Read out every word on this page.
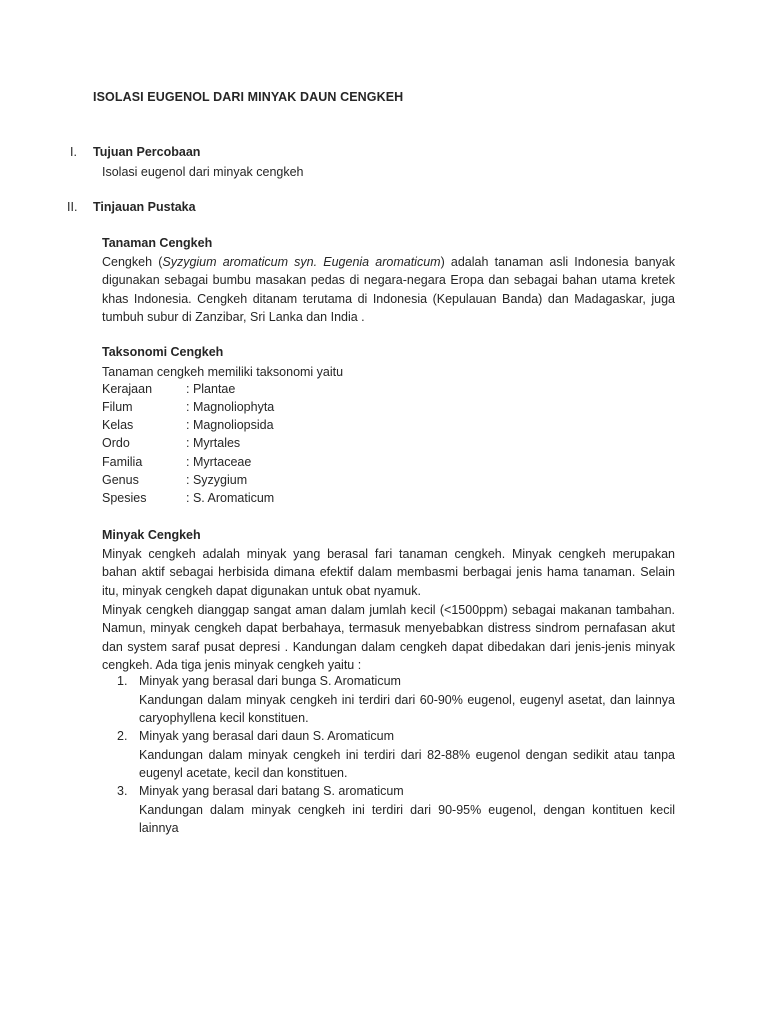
ISOLASI EUGENOL DARI MINYAK DAUN CENGKEH
I. Tujuan Percobaan
Isolasi eugenol dari minyak cengkeh
II. Tinjauan Pustaka
Tanaman Cengkeh

Cengkeh (Syzygium aromaticum syn. Eugenia aromaticum) adalah tanaman asli Indonesia banyak digunakan sebagai bumbu masakan pedas di negara-negara Eropa dan sebagai bahan utama kretek khas Indonesia. Cengkeh ditanam terutama di Indonesia (Kepulauan Banda) dan Madagaskar, juga tumbuh subur di Zanzibar, Sri Lanka dan India .

Taksonomi Cengkeh
Tanaman cengkeh memiliki taksonomi yaitu
Kerajaan	: Plantae
Filum	: Magnoliophyta
Kelas	: Magnoliopsida
Ordo	: Myrtales
Familia	: Myrtaceae
Genus	: Syzygium
Spesies	: S. Aromaticum
Minyak Cengkeh

Minyak cengkeh adalah minyak yang berasal fari tanaman cengkeh. Minyak cengkeh merupakan bahan aktif sebagai herbisida dimana efektif dalam membasmi berbagai jenis hama tanaman. Selain itu, minyak cengkeh dapat digunakan untuk obat nyamuk.

Minyak cengkeh dianggap sangat aman dalam jumlah kecil (<1500ppm) sebagai makanan tambahan. Namun, minyak cengkeh dapat berbahaya, termasuk menyebabkan distress sindrom pernafasan akut dan system saraf pusat depresi . Kandungan dalam cengkeh dapat dibedakan dari jenis-jenis minyak cengkeh. Ada tiga jenis minyak cengkeh yaitu :

1. Minyak yang berasal dari bunga S. Aromaticum

Kandungan dalam minyak cengkeh ini terdiri dari 60-90% eugenol, eugenyl asetat, dan lainnya caryophyllena kecil konstituen.

2. Minyak yang berasal dari daun S. Aromaticum

Kandungan dalam minyak cengkeh ini terdiri dari 82-88% eugenol dengan sedikit atau tanpa eugenyl acetate, kecil dan konstituen.

3. Minyak yang berasal dari batang S. aromaticum

Kandungan dalam minyak cengkeh ini terdiri dari 90-95% eugenol, dengan kontituen kecil lainnya
